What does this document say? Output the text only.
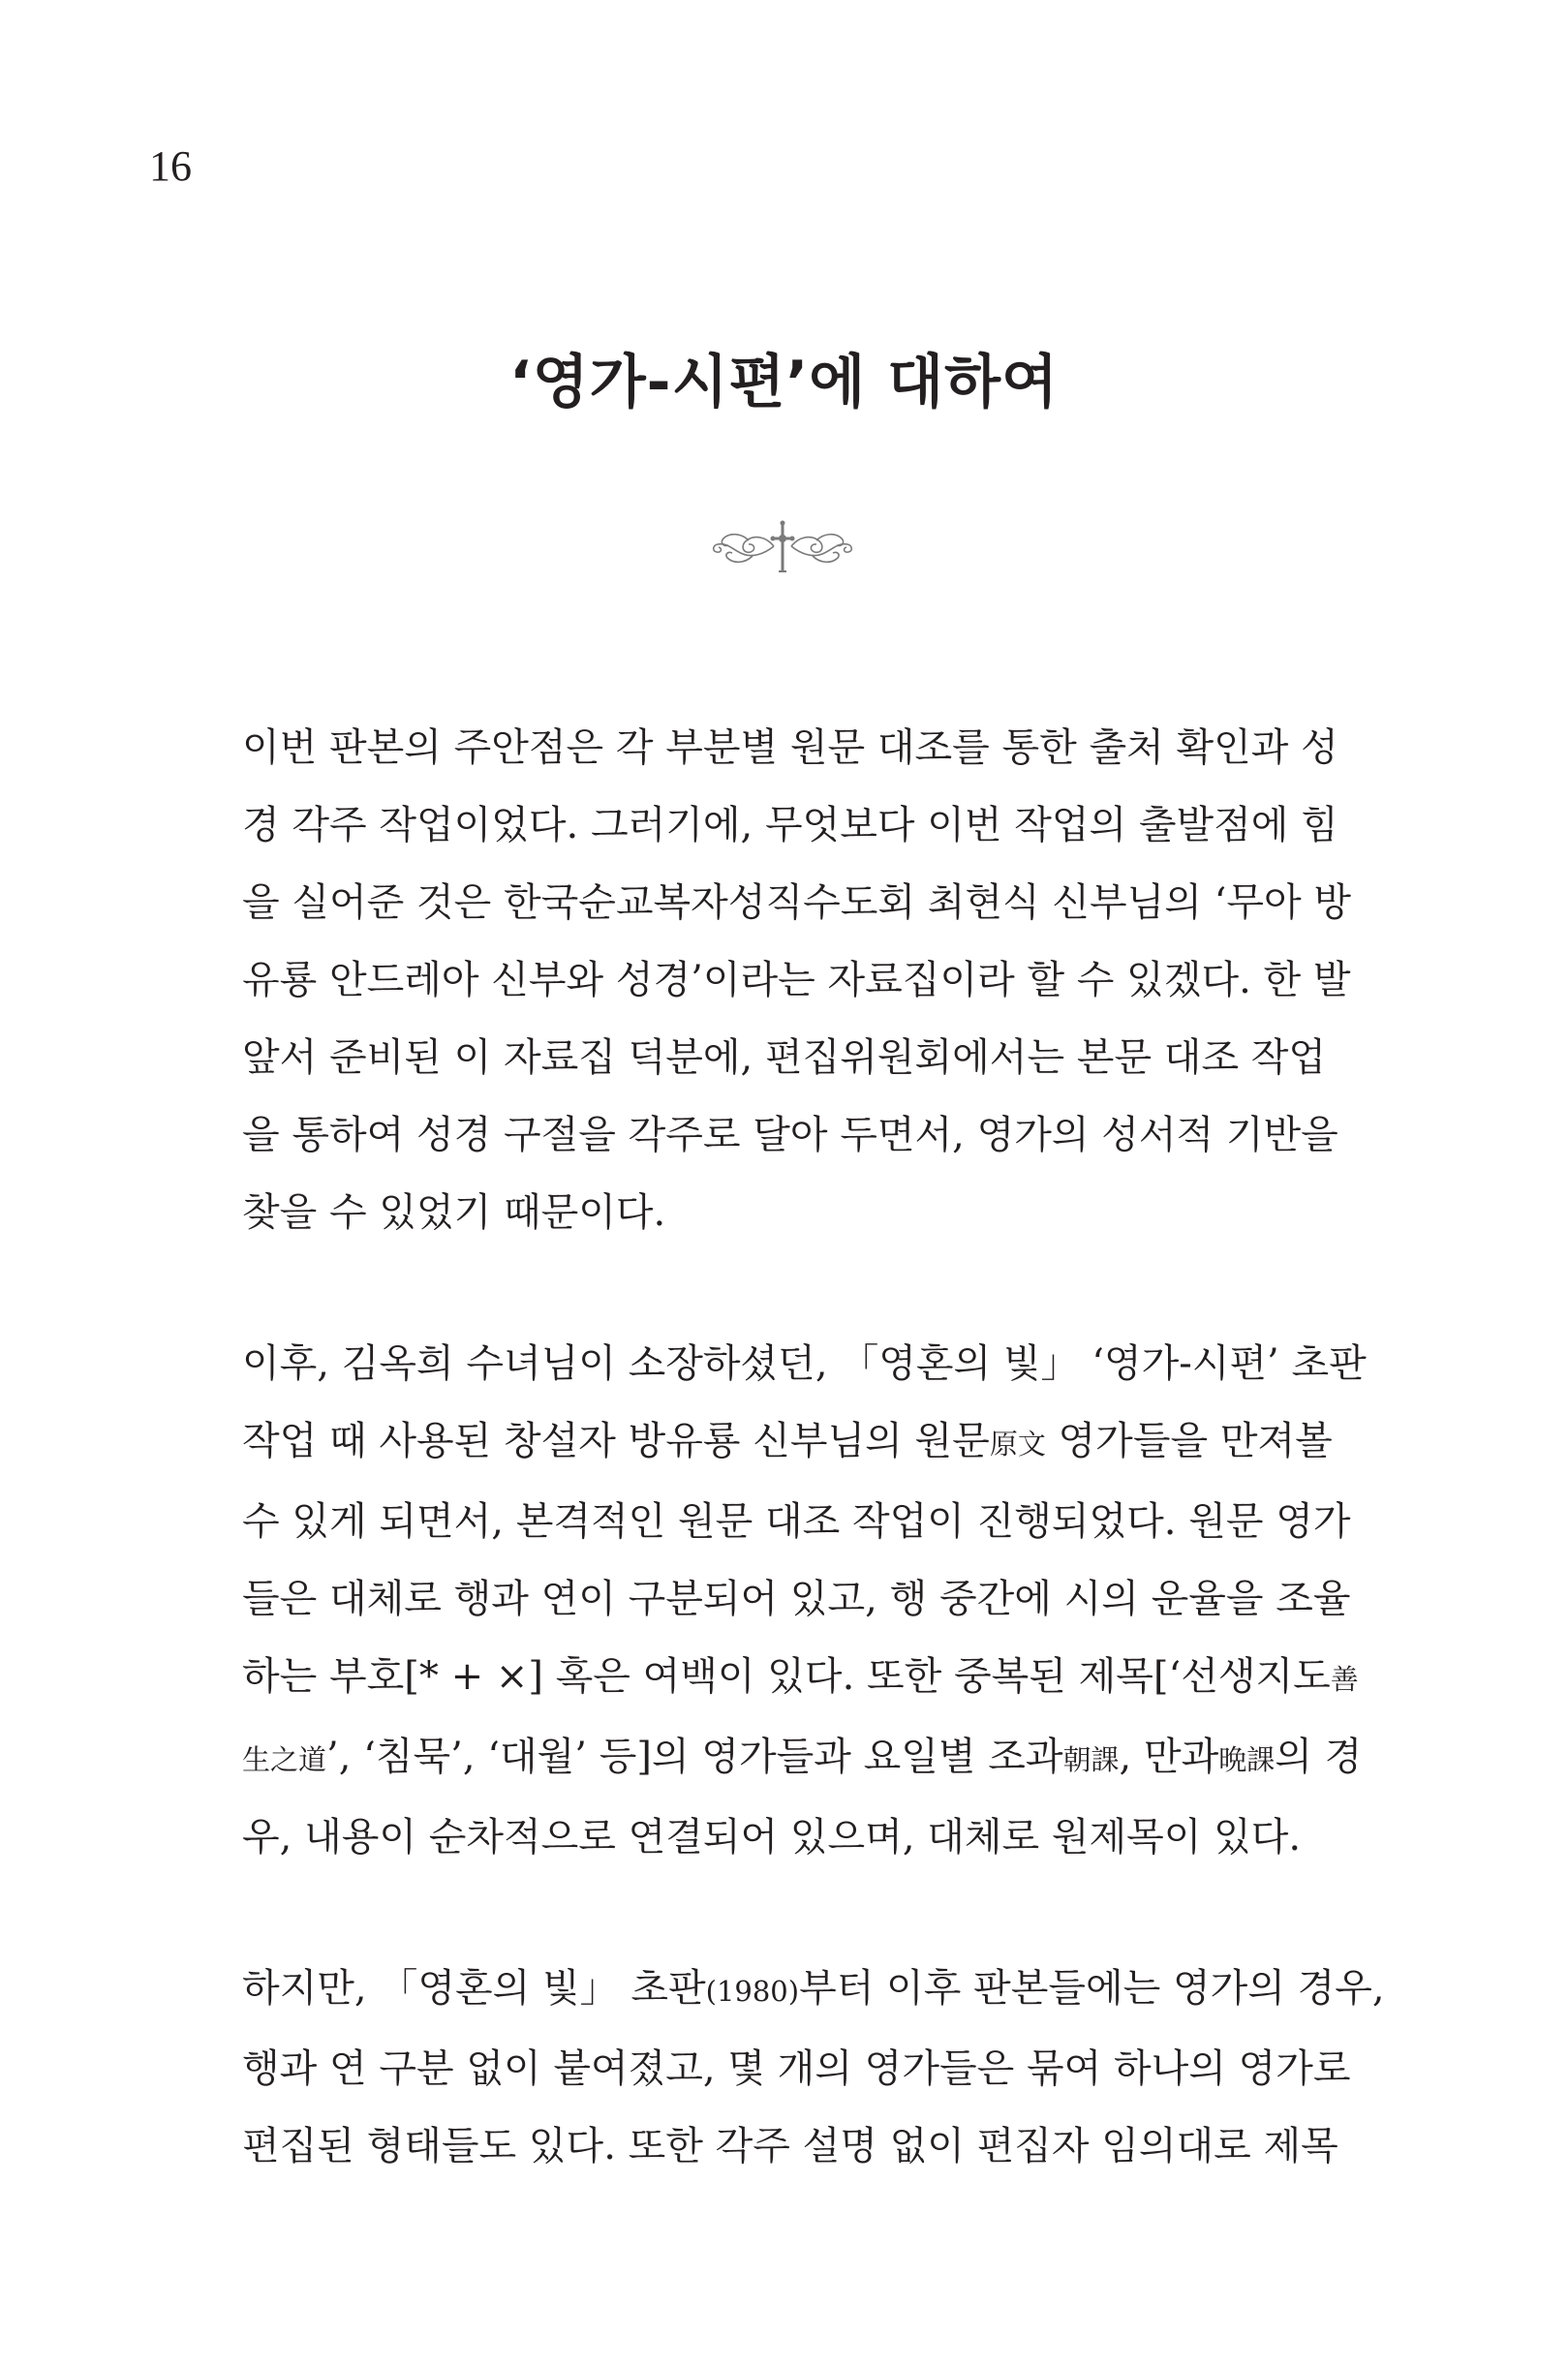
16
‘영가-시편’에 대하여
이번 판본의 주안점은 각 부분별 원문 대조를 통한 출처 확인과 성
경 각주 작업이었다. 그러기에, 무엇보다 이번 작업의 출발점에 힘
을 실어준 것은 한국순교복자성직수도회 최현식 신부님의 ‘무아 방
유룡 안드레아 신부와 성경’이라는 자료집이라 할 수 있겠다. 한 발
앞서 준비된 이 자료집 덕분에, 편집위원회에서는 본문 대조 작업
을 통하여 성경 구절을 각주로 달아 두면서, 영가의 성서적 기반을
찾을 수 있었기 때문이다.
이후, 김옥희 수녀님이 소장하셨던, 「영혼의 빛」 ‘영가-시편’ 초판
작업 때 사용된 창설자 방유룡 신부님의 원문原文 영가들을 만져볼
수 있게 되면서, 본격적인 원문 대조 작업이 진행되었다. 원문 영가
들은 대체로 행과 연이 구분되어 있고, 행 중간에 시의 운율을 조율
하는 부호[* + ×] 혹은 여백이 있다. 또한 중복된 제목[‘선생지도善
生之道’, ‘침묵’, ‘대월’ 등]의 영가들과 요일별 조과朝課, 만과晩課의 경
우, 내용이 순차적으로 연결되어 있으며, 대체로 원제목이 있다.
하지만, 「영혼의 빛」 초판(1980)부터 이후 판본들에는 영가의 경우,
행과 연 구분 없이 붙여졌고, 몇 개의 영가들은 묶여 하나의 영가로
편집된 형태들도 있다. 또한 각주 설명 없이 편집자 임의대로 제목
